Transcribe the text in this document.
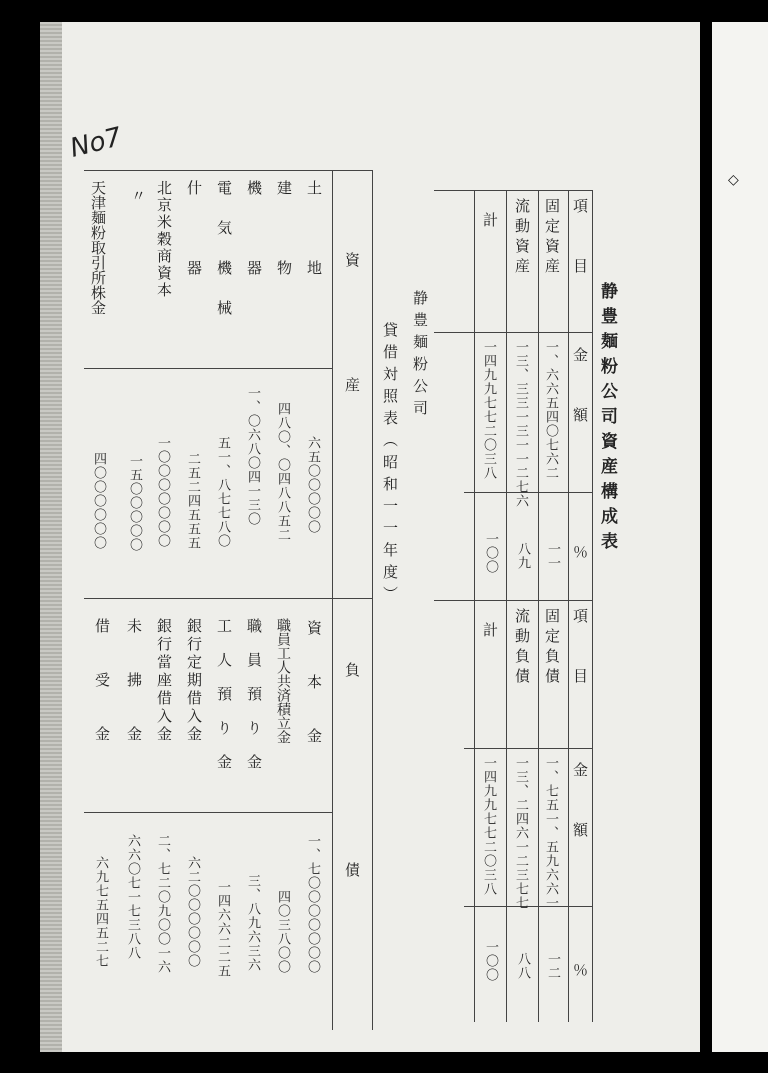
No7
静豊麺粉公司資産構成表
項　　目
金　　額
％
固定資産
一、六六五四〇七六二
一一
流動資産
一三、三三一三一一二七六
八九
計
一四九九七七二〇三八
一〇〇
項　　目
金　　額
％
固定負債
一、七五一、五九六六一
一二
流動負債
一三、二四六一二三七七
八八
計
一四九九七七二〇三八
一〇〇
静豊麺粉公司
貸借対照表（昭和一一年度）
資　　　　産
負　　　　　　　債
土　　　地
六五〇〇〇〇〇
建　　　物
四八〇、〇四八八五二
機　　　器
一、〇六八〇四一三〇
電　気　機　械
五一、八七七八〇
什　　　器
二五二四五五五
北京米穀商資本
一〇〇〇〇〇〇〇
〃
一五〇〇〇〇〇
天津麺粉取引所株金
四〇〇〇〇〇〇
資　　本　　金
一、七〇〇〇〇〇〇〇
職員工人共済積立金
四〇三八〇〇
職　員　預　り　金
三、八九六三六
工　人　預　り　金
一四六六二二五
銀行定期借入金
六二〇〇〇〇〇〇
銀行當座借入金
二、七二〇九〇〇一六
未　　拂　　金
六六〇七一七三八八
借　　受　　金
六九七五四五二七
◇
